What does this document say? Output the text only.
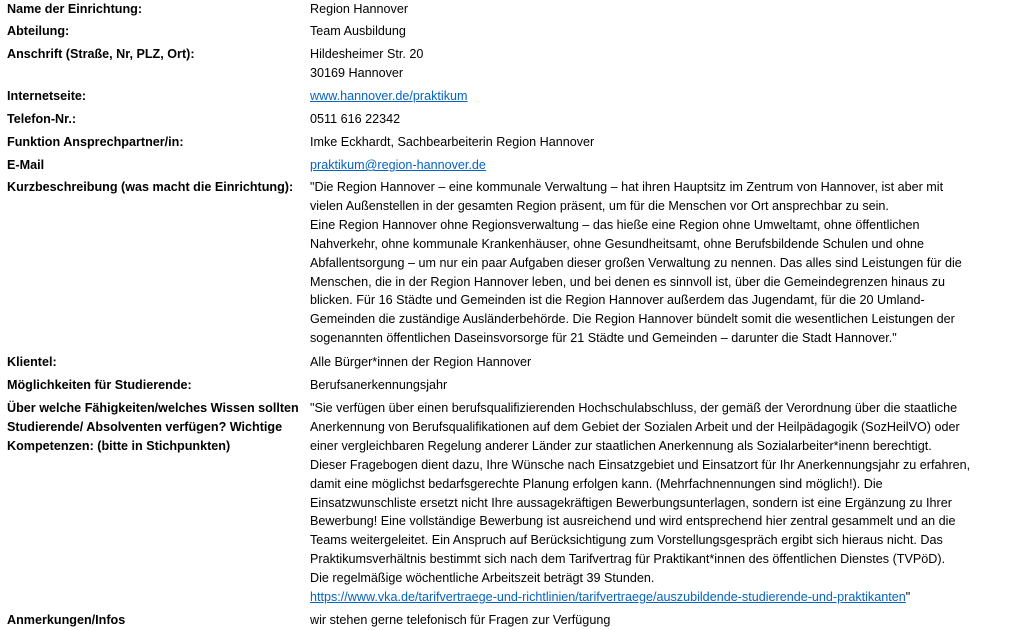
Name der Einrichtung:	Region Hannover
Abteilung:	Team Ausbildung
Anschrift (Straße, Nr, PLZ, Ort):	Hildesheimer Str. 20
30169 Hannover
Internetseite:	www.hannover.de/praktikum
Telefon-Nr.:	0511 616 22342
Funktion Ansprechpartner/in:	Imke Eckhardt, Sachbearbeiterin Region Hannover
E-Mail	praktikum@region-hannover.de
Kurzbeschreibung (was macht die Einrichtung):	"Die Region Hannover – eine kommunale Verwaltung – hat ihren Hauptsitz im Zentrum von Hannover, ist aber mit
vielen Außenstellen in der gesamten Region präsent, um für die Menschen vor Ort ansprechbar zu sein.
Eine Region Hannover ohne Regionsverwaltung – das hieße eine Region ohne Umweltamt, ohne öffentlichen
Nahverkehr, ohne kommunale Krankenhäuser, ohne Gesundheitsamt, ohne Berufsbildende Schulen und ohne
Abfallentsorgung – um nur ein paar Aufgaben dieser großen Verwaltung zu nennen. Das alles sind Leistungen für die
Menschen, die in der Region Hannover leben, und bei denen es sinnvoll ist, über die Gemeindegrenzen hinaus zu
blicken. Für 16 Städte und Gemeinden ist die Region Hannover außerdem das Jugendamt, für die 20 Umland-
Gemeinden die zuständige Ausländerbehörde. Die Region Hannover bündelt somit die wesentlichen Leistungen der
sogenannten öffentlichen Daseinsvorsorge für 21 Städte und Gemeinden – darunter die Stadt Hannover."
Klientel:	Alle Bürger*innen der Region Hannover
Möglichkeiten für Studierende:	Berufsanerkennungsjahr
Über welche Fähigkeiten/welches Wissen sollten Studierende/ Absolventen verfügen? Wichtige Kompetenzen: (bitte in Stichpunkten)
"Sie verfügen über einen berufsqualifizierenden Hochschulabschluss, der gemäß der Verordnung über die staatliche
Anerkennung von Berufsqualifikationen auf dem Gebiet der Sozialen Arbeit und der Heilpädagogik (SozHeilVO) oder
einer vergleichbaren Regelung anderer Länder zur staatlichen Anerkennung als Sozialarbeiter*inenn berechtigt.
Dieser Fragebogen dient dazu, Ihre Wünsche nach Einsatzgebiet und Einsatzort für Ihr Anerkennungsjahr zu erfahren,
damit eine möglichst bedarfsgerechte Planung erfolgen kann. (Mehrfachnennungen sind möglich!). Die
Einsatzwunschliste ersetzt nicht Ihre aussagekräftigen Bewerbungsunterlagen, sondern ist eine Ergänzung zu Ihrer
Bewerbung! Eine vollständige Bewerbung ist ausreichend und wird entsprechend hier zentral gesammelt und an die
Teams weitergeleitet. Ein Anspruch auf Berücksichtigung zum Vorstellungsgespräch ergibt sich hieraus nicht. Das
Praktikumsverhältnis bestimmt sich nach dem Tarifvertrag für Praktikant*innen des öffentlichen Dienstes (TVPöD).
Die regelmäßige wöchentliche Arbeitszeit beträgt 39 Stunden.
https://www.vka.de/tarifvertraege-und-richtlinien/tarifvertraege/auszubildende-studierende-und-praktikanten"
Anmerkungen/Infos	wir stehen gerne telefonisch für Fragen zur Verfügung
